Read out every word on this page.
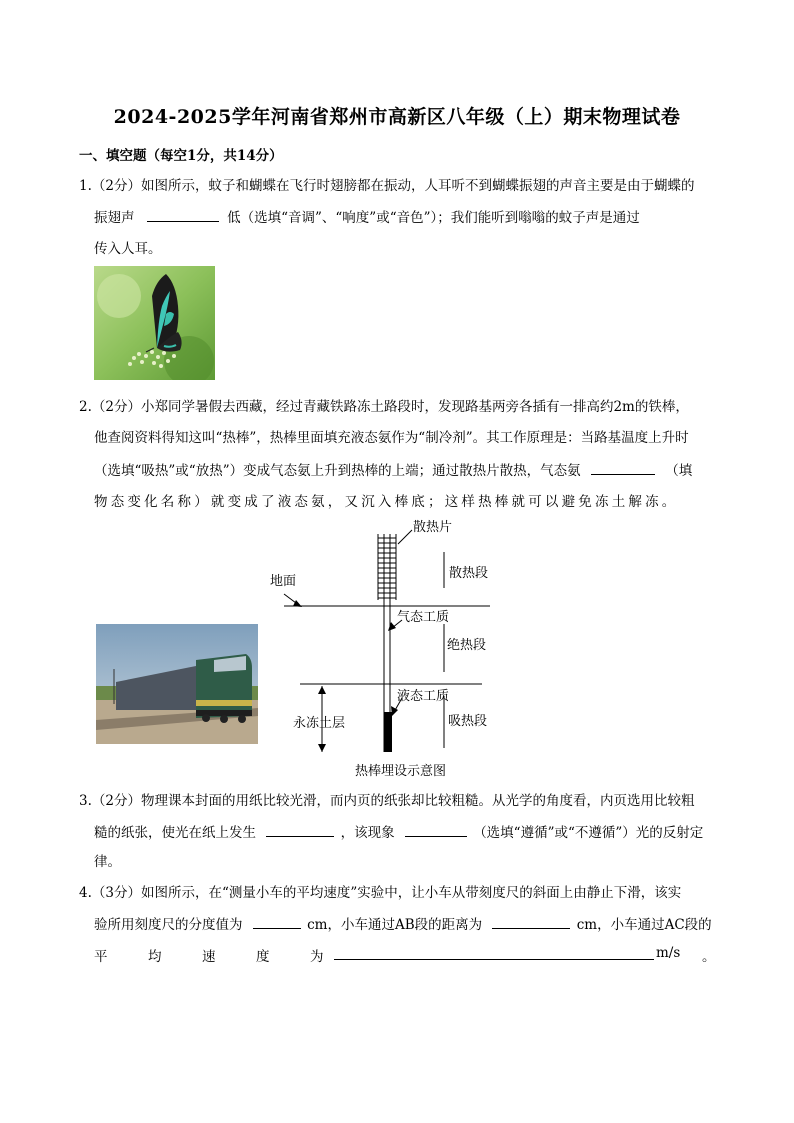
2024-2025学年河南省郑州市高新区八年级（上）期末物理试卷
一、填空题（每空1分，共14分）
1.（2分）如图所示，蚊子和蝴蝶在飞行时翅膀都在振动，人耳听不到蝴蝶振翅的声音主要是由于蝴蝶的
振翅声	低（选填“音调”、“响度”或“音色”）；我们能听到嗡嗡的蚊子声是通过
传入人耳。
2.（2分）小郑同学暑假去西藏，经过青藏铁路冻土路段时，发现路基两旁各插有一排高约2m的铁棒，
他查阅资料得知这叫“热棒”，热棒里面填充液态氨作为“制冷剂”。其工作原理是：当路基温度上升时
（选填“吸热”或“放热”）变成气态氨上升到热棒的上端；通过散热片散热，气态氨	（填
物态变化名称）就变成了液态氨，又沉入棒底；这样热棒就可以避免冻土解冻。
散热片
地面
散热段
气态工质
绝热段
液态工质
永冻土层	吸热段
热棒埋设示意图
3.（2分）物理课本封面的用纸比较光滑，而内页的纸张却比较粗糙。从光学的角度看，内页选用比较粗
糙的纸张，使光在纸上发生	，该现象	（选填“遵循”或“不遵循”）光的反射定
律。
4.（3分）如图所示，在“测量小车的平均速度”实验中，让小车从带刻度尺的斜面上由静止下滑，该实
验所用刻度尺的分度值为	cm，小车通过AB段的距离为	cm，小车通过AC段的
平	均	速	度	为	m/s 。
